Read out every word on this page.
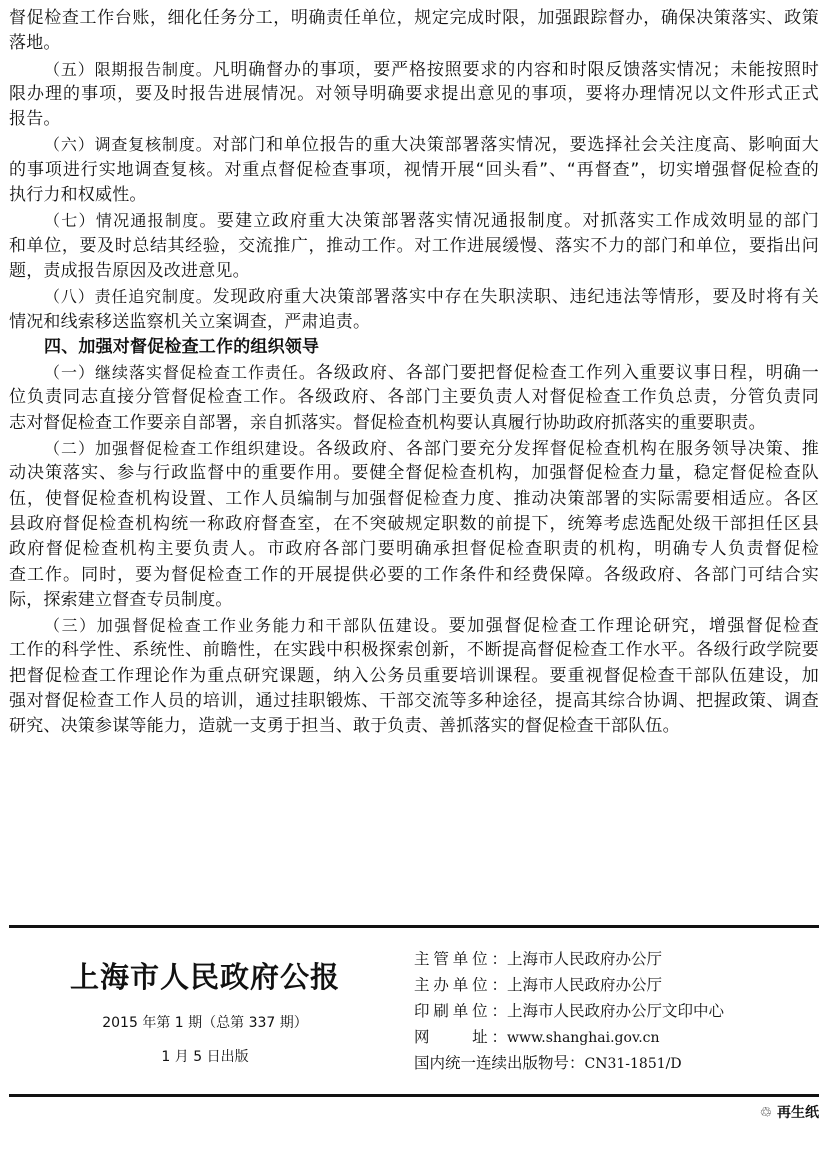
督促检查工作台账，细化任务分工，明确责任单位，规定完成时限，加强跟踪督办，确保决策落实、政策
落地。
（五）限期报告制度。凡明确督办的事项，要严格按照要求的内容和时限反馈落实情况；未能按照时
限办理的事项，要及时报告进展情况。对领导明确要求提出意见的事项，要将办理情况以文件形式正式
报告。
（六）调查复核制度。对部门和单位报告的重大决策部署落实情况，要选择社会关注度高、影响面大
的事项进行实地调查复核。对重点督促检查事项，视情开展“回头看”、“再督查”，切实增强督促检查的
执行力和权威性。
（七）情况通报制度。要建立政府重大决策部署落实情况通报制度。对抓落实工作成效明显的部门
和单位，要及时总结其经验，交流推广，推动工作。对工作进展缓慢、落实不力的部门和单位，要指出问
题，责成报告原因及改进意见。
（八）责任追究制度。发现政府重大决策部署落实中存在失职渎职、违纪违法等情形，要及时将有关
情况和线索移送监察机关立案调查，严肃追责。
四、加强对督促检查工作的组织领导
（一）继续落实督促检查工作责任。各级政府、各部门要把督促检查工作列入重要议事日程，明确一
位负责同志直接分管督促检查工作。各级政府、各部门主要负责人对督促检查工作负总责，分管负责同
志对督促检查工作要亲自部署，亲自抓落实。督促检查机构要认真履行协助政府抓落实的重要职责。
（二）加强督促检查工作组织建设。各级政府、各部门要充分发挥督促检查机构在服务领导决策、推
动决策落实、参与行政监督中的重要作用。要健全督促检查机构，加强督促检查力量，稳定督促检查队
伍，使督促检查机构设置、工作人员编制与加强督促检查力度、推动决策部署的实际需要相适应。各区
县政府督促检查机构统一称政府督查室，在不突破规定职数的前提下，统筹考虑选配处级干部担任区县
政府督促检查机构主要负责人。市政府各部门要明确承担督促检查职责的机构，明确专人负责督促检
查工作。同时，要为督促检查工作的开展提供必要的工作条件和经费保障。各级政府、各部门可结合实
际，探索建立督查专员制度。
（三）加强督促检查工作业务能力和干部队伍建设。要加强督促检查工作理论研究，增强督促检查
工作的科学性、系统性、前瞻性，在实践中积极探索创新，不断提高督促检查工作水平。各级行政学院要
把督促检查工作理论作为重点研究课题，纳入公务员重要培训课程。要重视督促检查干部队伍建设，加
强对督促检查工作人员的培训，通过挂职锻炼、干部交流等多种途径，提高其综合协调、把握政策、调查
研究、决策参谋等能力，造就一支勇于担当、敢于负责、善抓落实的督促检查干部队伍。
上海市人民政府公报
2015 年第 1 期（总第 337 期）
1 月 5 日出版
主管单位：上海市人民政府办公厅
主办单位：上海市人民政府办公厅
印刷单位：上海市人民政府办公厅文印中心
网　　址：www.shanghai.gov.cn
国内统一连续出版物号：CN31-1851/D
♲ 再生纸
